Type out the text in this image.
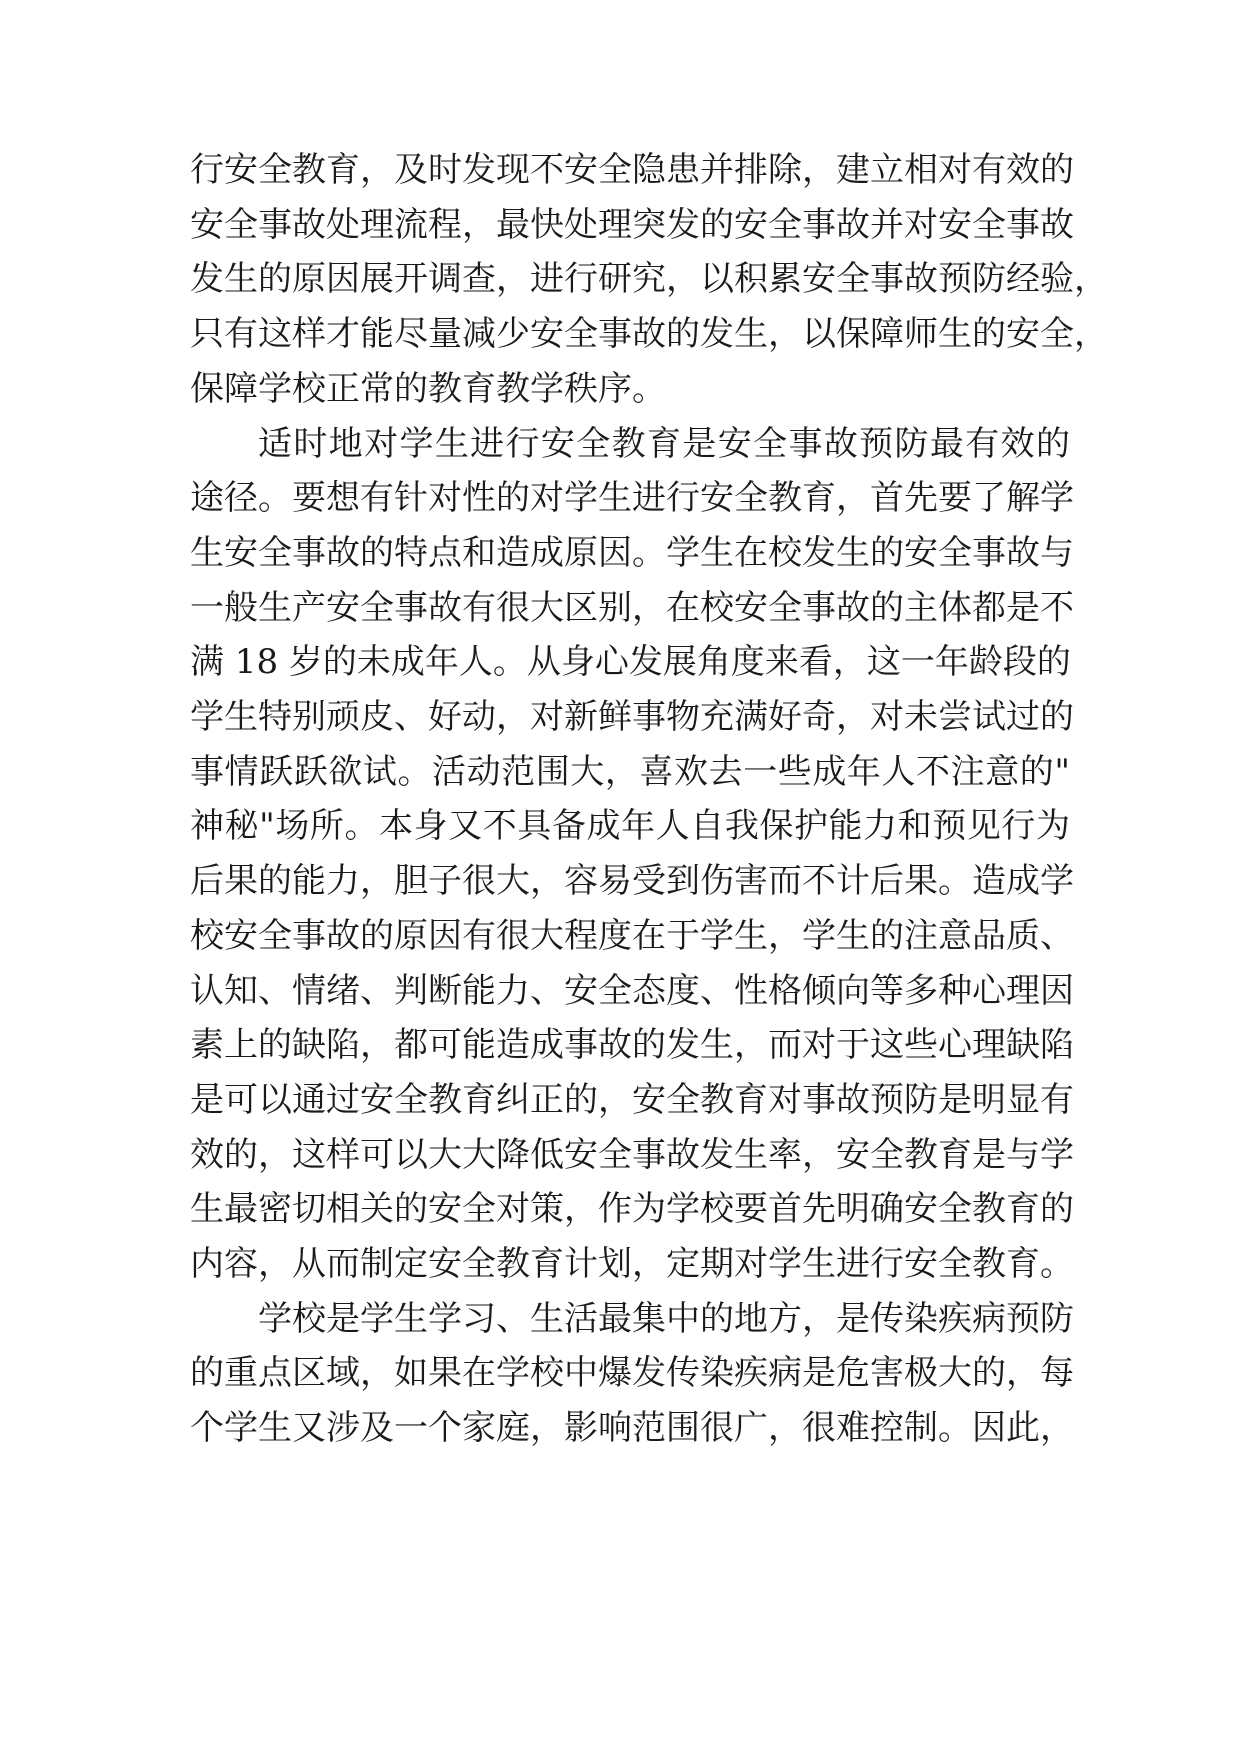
行安全教育，及时发现不安全隐患并排除，建立相对有效的
安全事故处理流程，最快处理突发的安全事故并对安全事故
发生的原因展开调查，进行研究，以积累安全事故预防经验，
只有这样才能尽量减少安全事故的发生，以保障师生的安全，
保障学校正常的教育教学秩序。
适时地对学生进行安全教育是安全事故预防最有效的
途径。要想有针对性的对学生进行安全教育，首先要了解学
生安全事故的特点和造成原因。学生在校发生的安全事故与
一般生产安全事故有很大区别，在校安全事故的主体都是不
满 18 岁的未成年人。从身心发展角度来看，这一年龄段的
学生特别顽皮、好动，对新鲜事物充满好奇，对未尝试过的
事情跃跃欲试。活动范围大，喜欢去一些成年人不注意的"
神秘"场所。本身又不具备成年人自我保护能力和预见行为
后果的能力，胆子很大，容易受到伤害而不计后果。造成学
校安全事故的原因有很大程度在于学生，学生的注意品质、
认知、情绪、判断能力、安全态度、性格倾向等多种心理因
素上的缺陷，都可能造成事故的发生，而对于这些心理缺陷
是可以通过安全教育纠正的，安全教育对事故预防是明显有
效的，这样可以大大降低安全事故发生率，安全教育是与学
生最密切相关的安全对策，作为学校要首先明确安全教育的
内容，从而制定安全教育计划，定期对学生进行安全教育。
学校是学生学习、生活最集中的地方，是传染疾病预防
的重点区域，如果在学校中爆发传染疾病是危害极大的，每
个学生又涉及一个家庭，影响范围很广，很难控制。因此，
